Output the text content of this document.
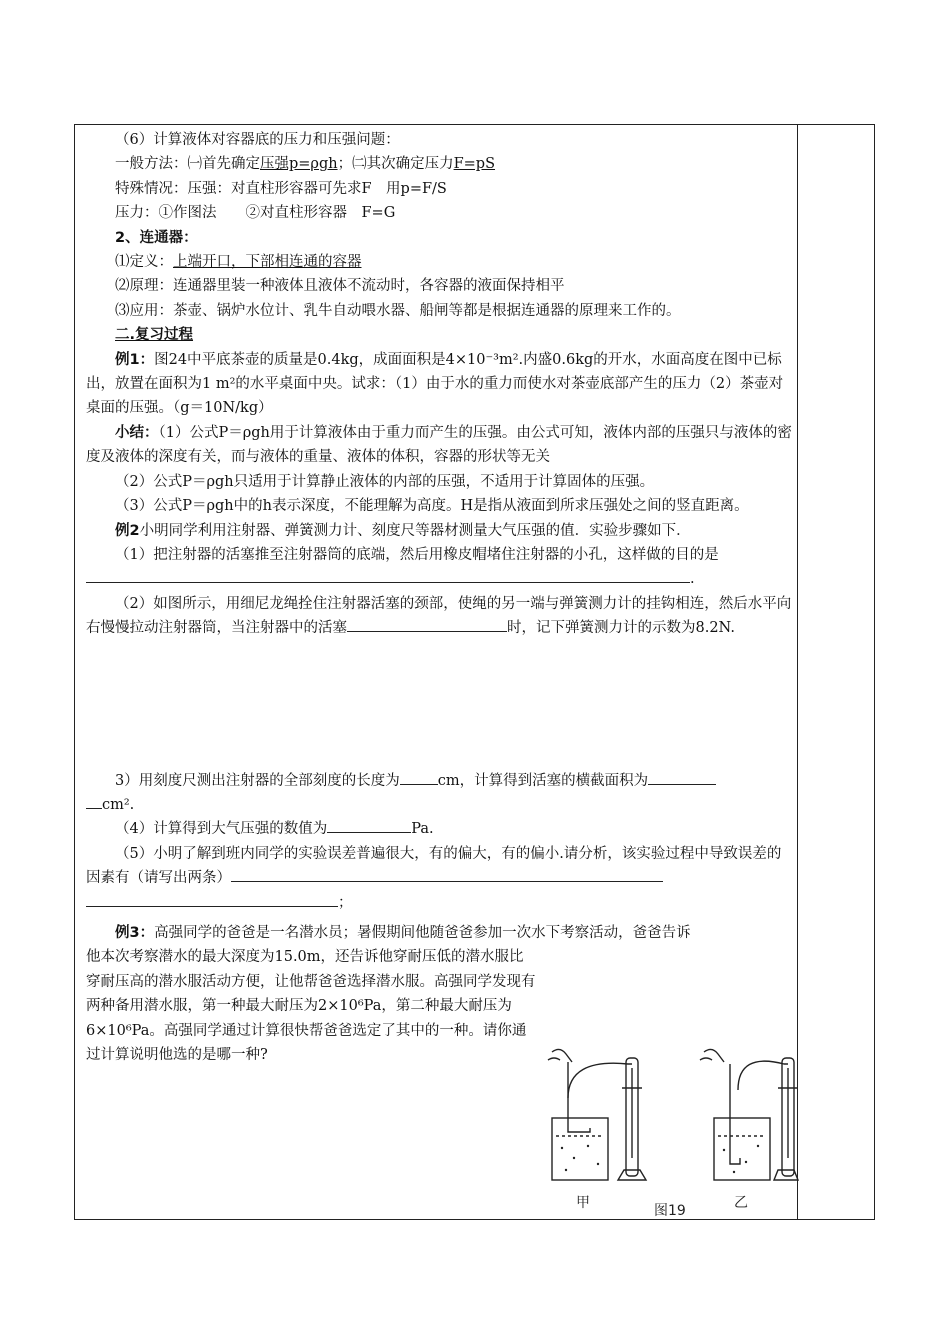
（6）计算液体对容器底的压力和压强问题：

一般方法：㈠首先确定压强p=ρgh；㈡其次确定压力F=pS

特殊情况：压强：对直柱形容器可先求F　用p=F/S

压力：①作图法　　②对直柱形容器　F=G

2、连通器：

⑴定义：上端开口，下部相连通的容器

⑵原理：连通器里装一种液体且液体不流动时，各容器的液面保持相平

⑶应用：茶壶、锅炉水位计、乳牛自动喂水器、船闸等都是根据连通器的原理来工作的。

二.复习过程

例1：图24中平底茶壶的质量是0.4kg，成面面积是4×10⁻³m².内盛0.6kg的开水，水面高度在图中已标出，放置在面积为1 m²的水平桌面中央。试求：（1）由于水的重力而使水对茶壶底部产生的压力（2）茶壶对桌面的压强。（g＝10N/kg）

小结：（1）公式P＝ρgh用于计算液体由于重力而产生的压强。由公式可知，液体内部的压强只与液体的密度及液体的深度有关，而与液体的重量、液体的体积，容器的形状等无关

（2）公式P＝ρgh只适用于计算静止液体的内部的压强，不适用于计算固体的压强。

（3）公式P＝ρgh中的h表示深度，不能理解为高度。H是指从液面到所求压强处之间的竖直距离。

例2小明同学利用注射器、弹簧测力计、刻度尺等器材测量大气压强的值．实验步骤如下．

（1）把注射器的活塞推至注射器筒的底端，然后用橡皮帽堵住注射器的小孔，这样做的目的是.

（2）如图所示，用细尼龙绳拴住注射器活塞的颈部，使绳的另一端与弹簧测力计的挂钩相连，然后水平向右慢慢拉动注射器筒，当注射器中的活塞	时，记下弹簧测力计的示数为8.2N.

3）用刻度尺测出注射器的全部刻度的长度为	cm，计算得到活塞的横截面积为
cm².

（4）计算得到大气压强的数值为	Pa.

（5）小明了解到班内同学的实验误差普遍很大，有的偏大，有的偏小.请分析，该实验过程中导致误差的因素有（请写出两条）；

例3：高强同学的爸爸是一名潜水员；暑假期间他随爸爸参加一次水下考察活动，爸爸告诉

他本次考察潜水的最大深度为15.0m，还告诉他穿耐压低的潜水服比穿耐压高的潜水服活动方便，让他帮爸爸选择潜水服。高强同学发现有两种备用潜水服，第一种最大耐压为2×10⁶Pa，第二种最大耐压为6×10⁶Pa。高强同学通过计算很快帮爸爸选定了其中的一种。请你通过计算说明他选的是哪一种?

甲	图19	乙
